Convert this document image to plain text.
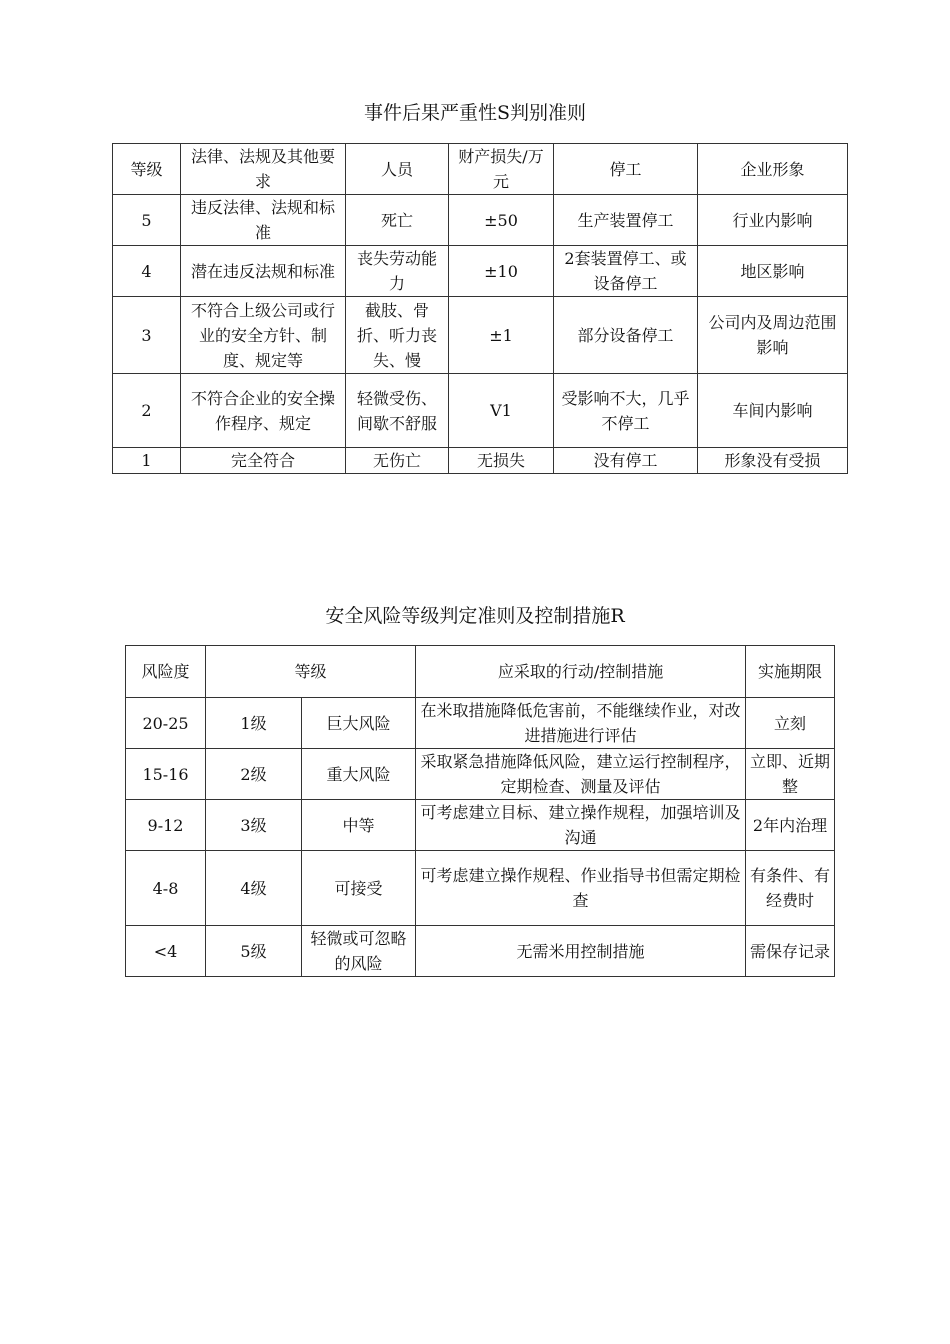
事件后果严重性S判别准则
等级	法律、法规及其他要求	人员	财产损失/万元	停工	企业形象
5	违反法律、法规和标准	死亡	±50	生产装置停工	行业内影响
4	潜在违反法规和标准	丧失劳动能力	±10	2套装置停工、或设备停工	地区影响
3	不符合上级公司或行业的安全方针、制度、规定等	截肢、骨折、听力丧失、慢	±1	部分设备停工	公司内及周边范围影响
2	不符合企业的安全操作程序、规定	轻微受伤、间歇不舒服	V1	受影响不大，几乎不停工	车间内影响
1	完全符合	无伤亡	无损失	没有停工	形象没有受损
安全风险等级判定准则及控制措施R
风险度	等级		应采取的行动/控制措施	实施期限
20-25	1级	巨大风险	在米取措施降低危害前，不能继续作业，对改进措施进行评估	立刻
15-16	2级	重大风险	采取紧急措施降低风险，建立运行控制程序，定期检查、测量及评估	立即、近期整
9-12	3级	中等	可考虑建立目标、建立操作规程，加强培训及沟通	2年内治理
4-8	4级	可接受	可考虑建立操作规程、作业指导书但需定期检查	有条件、有经费时
<4	5级	轻微或可忽略的风险	无需米用控制措施	需保存记录
